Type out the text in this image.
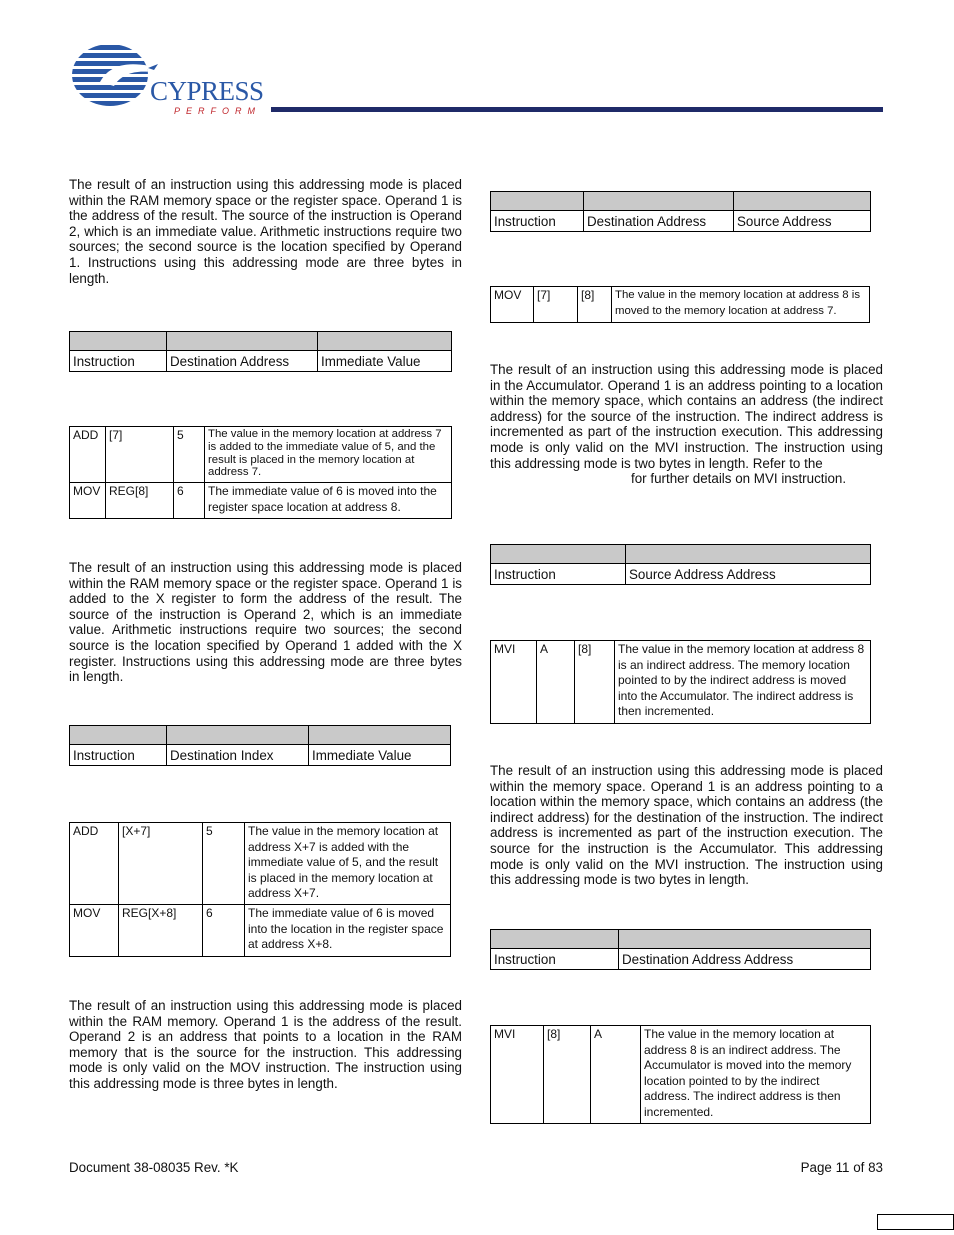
CYPRESS
PERFORM

The result of an instruction using this addressing mode is placed within the RAM memory space or the register space. Operand 1 is the address of the result. The source of the instruction is Operand 2, which is an immediate value. Arithmetic instructions require two sources; the second source is the location specified by Operand 1. Instructions using this addressing mode are three bytes in length.

Instruction	Destination Address	Immediate Value
ADD	[7]	5	The value in the memory location at address 7 is added to the immediate value of 5, and the result is placed in the memory location at address 7.
MOV	REG[8]	6	The immediate value of 6 is moved into the register space location at address 8.

The result of an instruction using this addressing mode is placed within the RAM memory space or the register space. Operand 1 is added to the X register to form the address of the result. The source of the instruction is Operand 2, which is an immediate value. Arithmetic instructions require two sources; the second source is the location specified by Operand 1 added with the X register. Instructions using this addressing mode are three bytes in length.

Instruction	Destination Index	Immediate Value
ADD	[X+7]	5	The value in the memory location at address X+7 is added with the immediate value of 5, and the result is placed in the memory location at address X+7.
MOV	REG[X+8]	6	The immediate value of 6 is moved into the location in the register space at address X+8.

The result of an instruction using this addressing mode is placed within the RAM memory. Operand 1 is the address of the result. Operand 2 is an address that points to a location in the RAM memory that is the source for the instruction. This addressing mode is only valid on the MOV instruction. The instruction using this addressing mode is three bytes in length.

Instruction	Destination Address	Source Address
MOV	[7]	[8]	The value in the memory location at address 8 is moved to the memory location at address 7.

The result of an instruction using this addressing mode is placed in the Accumulator. Operand 1 is an address pointing to a location within the memory space, which contains an address (the indirect address) for the source of the instruction. The indirect address is incremented as part of the instruction execution. This addressing mode is only valid on the MVI instruction. The instruction using this addressing mode is two bytes in length. Refer to the
for further details on MVI instruction.

Instruction	Source Address Address
MVI	A	[8]	The value in the memory location at address 8 is an indirect address. The memory location pointed to by the indirect address is moved into the Accumulator. The indirect address is then incremented.

The result of an instruction using this addressing mode is placed within the memory space. Operand 1 is an address pointing to a location within the memory space, which contains an address (the indirect address) for the destination of the instruction. The indirect address is incremented as part of the instruction execution. The source for the instruction is the Accumulator. This addressing mode is only valid on the MVI instruction. The instruction using this addressing mode is two bytes in length.

Instruction	Destination Address Address
MVI	[8]	A	The value in the memory location at address 8 is an indirect address. The Accumulator is moved into the memory location pointed to by the indirect address. The indirect address is then incremented.
Document 38-08035 Rev. *K	Page 11 of 83
